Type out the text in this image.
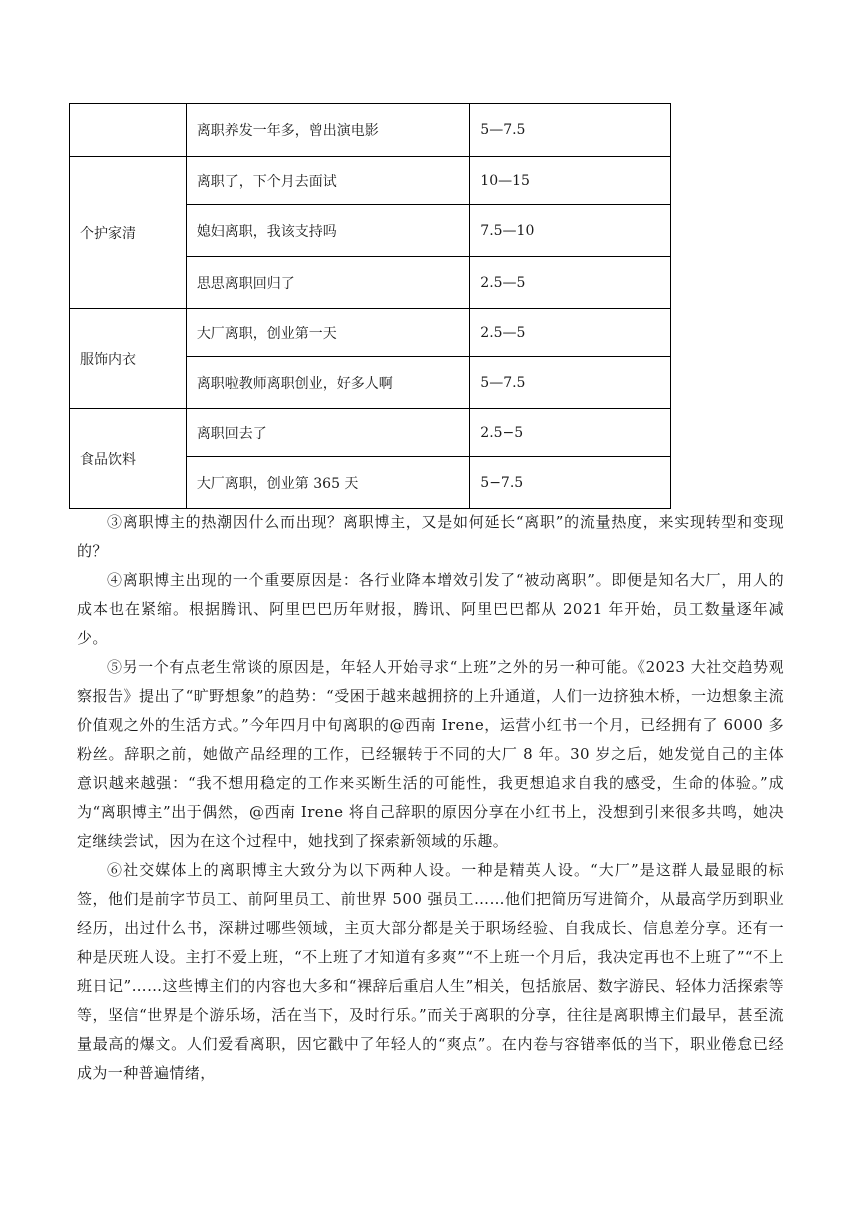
	离职养发一年多，曾出演电影	5—7.5
个护家清	离职了，下个月去面试	10—15
	媳妇离职，我该支持吗	7.5—10
	思思离职回归了	2.5—5
服饰内衣	大厂离职，创业第一天	2.5—5
	离职啦教师离职创业，好多人啊	5—7.5
食品饮料	离职回去了	2.5−5
	大厂离职，创业第 365 天	5−7.5

③离职博主的热潮因什么而出现？离职博主，又是如何延长“离职”的流量热度，来实现转型和变现的？

④离职博主出现的一个重要原因是：各行业降本增效引发了“被动离职”。即便是知名大厂，用人的成本也在紧缩。根据腾讯、阿里巴巴历年财报，腾讯、阿里巴巴都从 2021 年开始，员工数量逐年减少。

⑤另一个有点老生常谈的原因是，年轻人开始寻求“上班”之外的另一种可能。《2023 大社交趋势观察报告》提出了“旷野想象”的趋势：“受困于越来越拥挤的上升通道，人们一边挤独木桥，一边想象主流价值观之外的生活方式。”今年四月中旬离职的@西南 Irene，运营小红书一个月，已经拥有了 6000 多粉丝。辞职之前，她做产品经理的工作，已经辗转于不同的大厂 8 年。30 岁之后，她发觉自己的主体意识越来越强：“我不想用稳定的工作来买断生活的可能性，我更想追求自我的感受，生命的体验。”成为“离职博主”出于偶然，@西南 Irene 将自己辞职的原因分享在小红书上，没想到引来很多共鸣，她决定继续尝试，因为在这个过程中，她找到了探索新领域的乐趣。

⑥社交媒体上的离职博主大致分为以下两种人设。一种是精英人设。“大厂”是这群人最显眼的标签，他们是前字节员工、前阿里员工、前世界 500 强员工……他们把简历写进简介，从最高学历到职业经历，出过什么书，深耕过哪些领域，主页大部分都是关于职场经验、自我成长、信息差分享。还有一种是厌班人设。主打不爱上班，“不上班了才知道有多爽”“不上班一个月后，我决定再也不上班了”“不上班日记”……这些博主们的内容也大多和“裸辞后重启人生”相关，包括旅居、数字游民、轻体力活探索等等，坚信“世界是个游乐场，活在当下，及时行乐。”而关于离职的分享，往往是离职博主们最早，甚至流量最高的爆文。人们爱看离职，因它戳中了年轻人的“爽点”。在内卷与容错率低的当下，职业倦怠已经成为一种普遍情绪，
